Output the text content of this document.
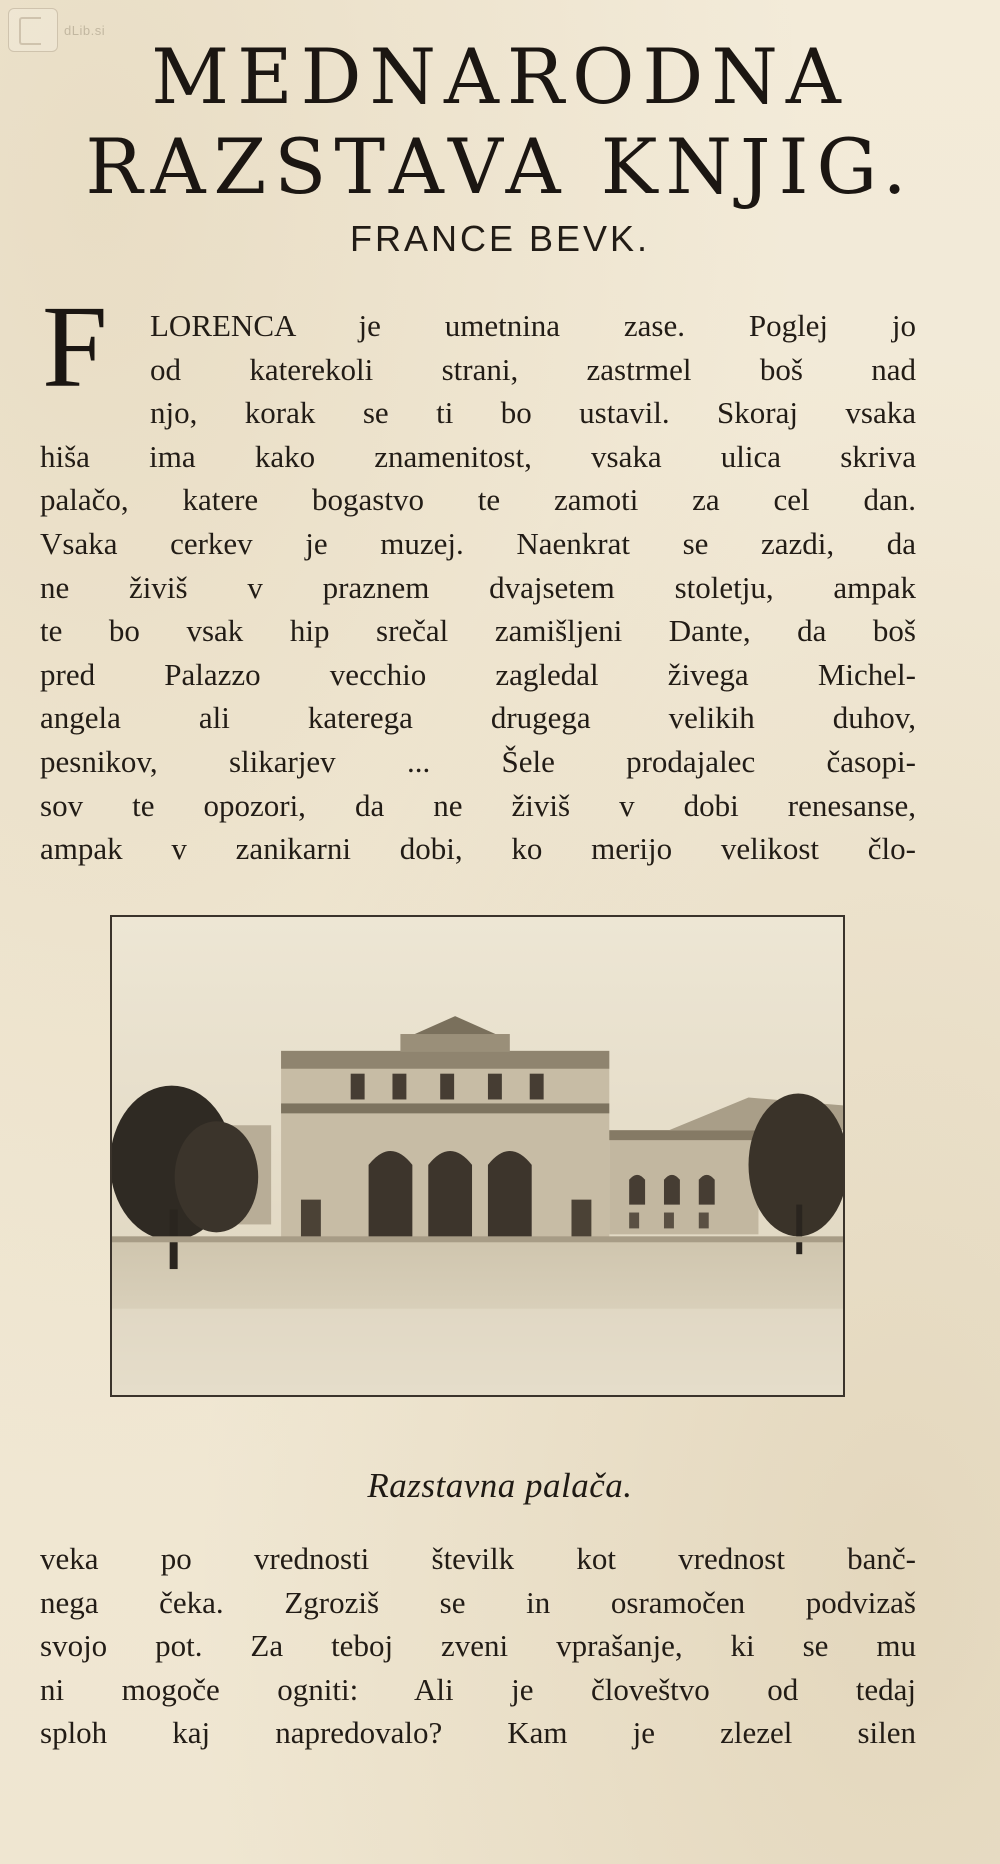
dLib.si
MEDNARODNA
RAZSTAVA KNJIG.
FRANCE BEVK.
F	LORENCA je umetnina zase. Poglej jo
od katerekoli strani, zastrmel boš nad
njo, korak se ti bo ustavil. Skoraj vsaka
hiša ima kako znamenitost, vsaka ulica skriva
palačo, katere bogastvo te zamoti za cel dan.
Vsaka cerkev je muzej. Naenkrat se zazdi, da
ne živiš v praznem dvajsetem stoletju, ampak
te bo vsak hip srečal zamišljeni Dante, da boš
pred Palazzo vecchio zagledal živega Michel-
angela ali katerega drugega velikih duhov,
pesnikov, slikarjev ... Šele prodajalec časopi-
sov te opozori, da ne živiš v dobi renesanse,
ampak v zanikarni dobi, ko merijo velikost člo-
Razstavna palača.
veka po vrednosti številk kot vrednost banč-
nega čeka. Zgroziš se in osramočen podvizaš
svojo pot. Za teboj zveni vprašanje, ki se mu
ni mogoče ogniti: Ali je človeštvo od tedaj
sploh kaj napredovalo? Kam je zlezel silen
